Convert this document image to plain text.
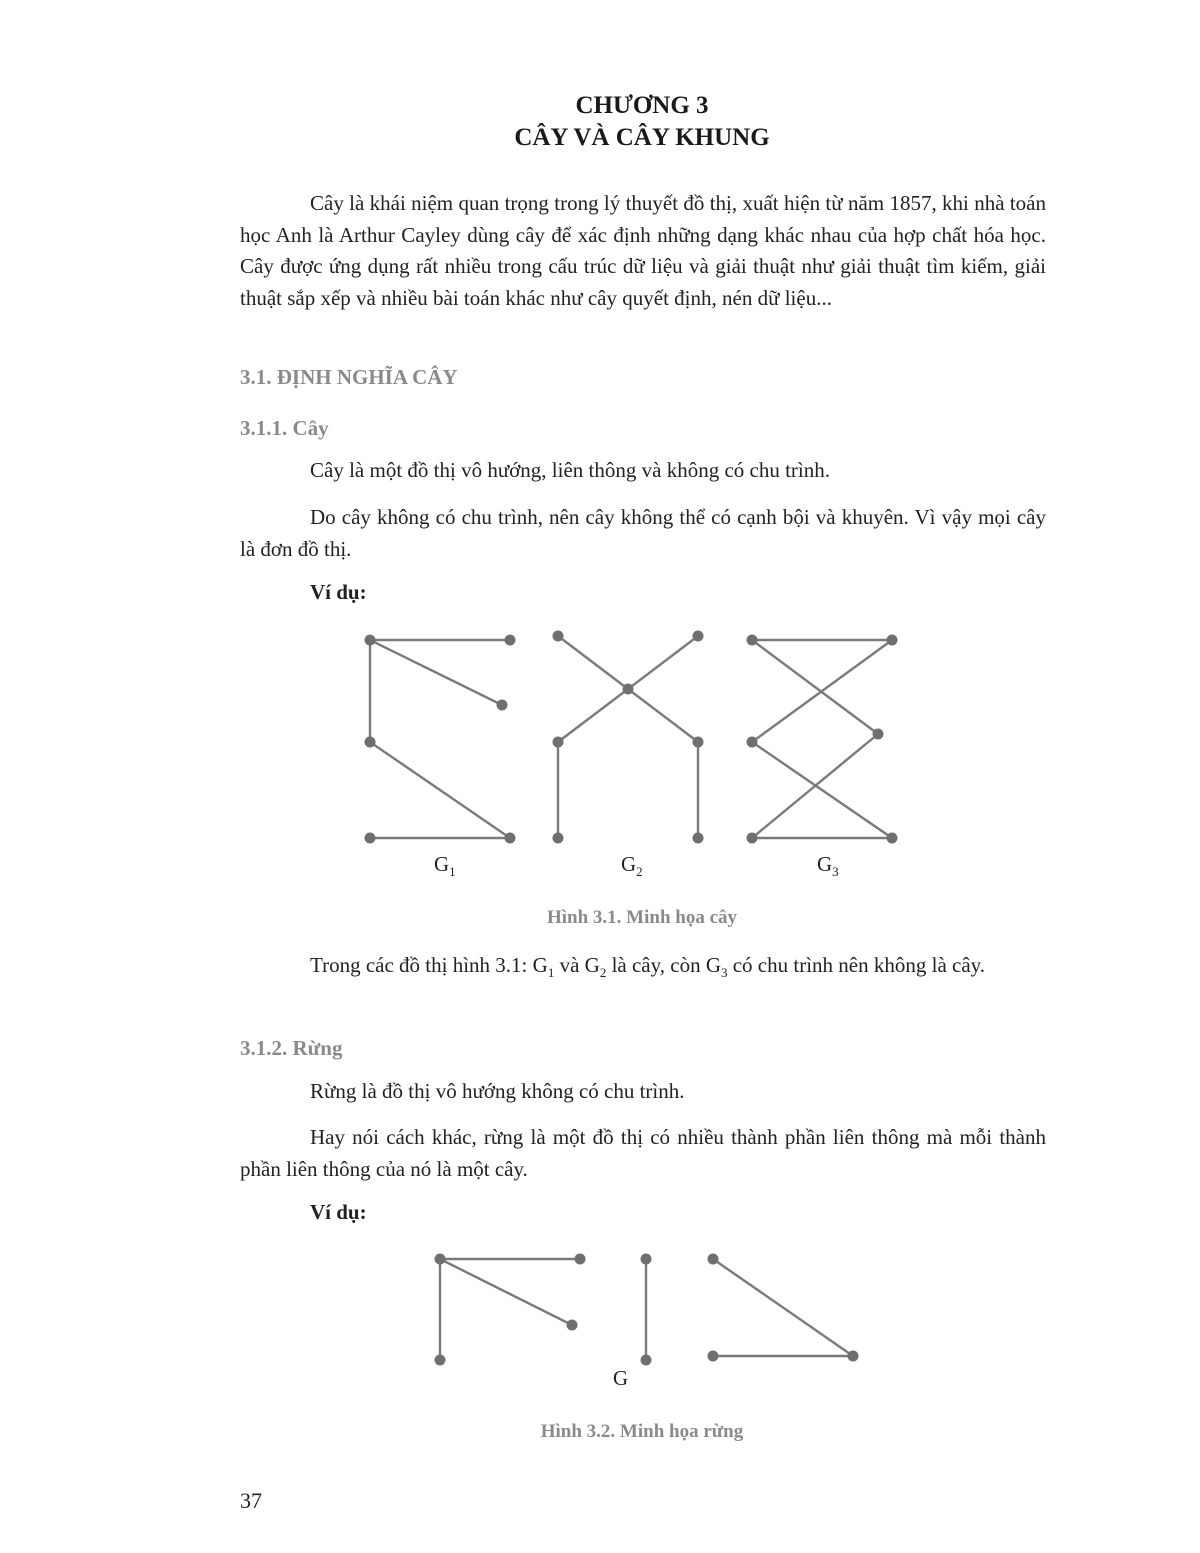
CHƯƠNG 3
CÂY VÀ CÂY KHUNG
Cây là khái niệm quan trọng trong lý thuyết đồ thị, xuất hiện từ năm 1857, khi nhà toán học Anh là Arthur Cayley dùng cây để xác định những dạng khác nhau của hợp chất hóa học. Cây được ứng dụng rất nhiều trong cấu trúc dữ liệu và giải thuật như giải thuật tìm kiếm, giải thuật sắp xếp và nhiều bài toán khác như cây quyết định, nén dữ liệu...
3.1. ĐỊNH NGHĨA CÂY
3.1.1. Cây
Cây là một đồ thị vô hướng, liên thông và không có chu trình.
Do cây không có chu trình, nên cây không thể có cạnh bội và khuyên. Vì vậy mọi cây là đơn đồ thị.
Ví dụ:
$G_1$	$G_2$	$G_3$
Hình 3.1. Minh họa cây
Trong các đồ thị hình 3.1: $G_1$ và $G_2$ là cây, còn $G_3$ có chu trình nên không là cây.
3.1.2. Rừng
Rừng là đồ thị vô hướng không có chu trình.
Hay nói cách khác, rừng là một đồ thị có nhiều thành phần liên thông mà mỗi thành phần liên thông của nó là một cây.
Ví dụ:
G
Hình 3.2. Minh họa rừng
37
